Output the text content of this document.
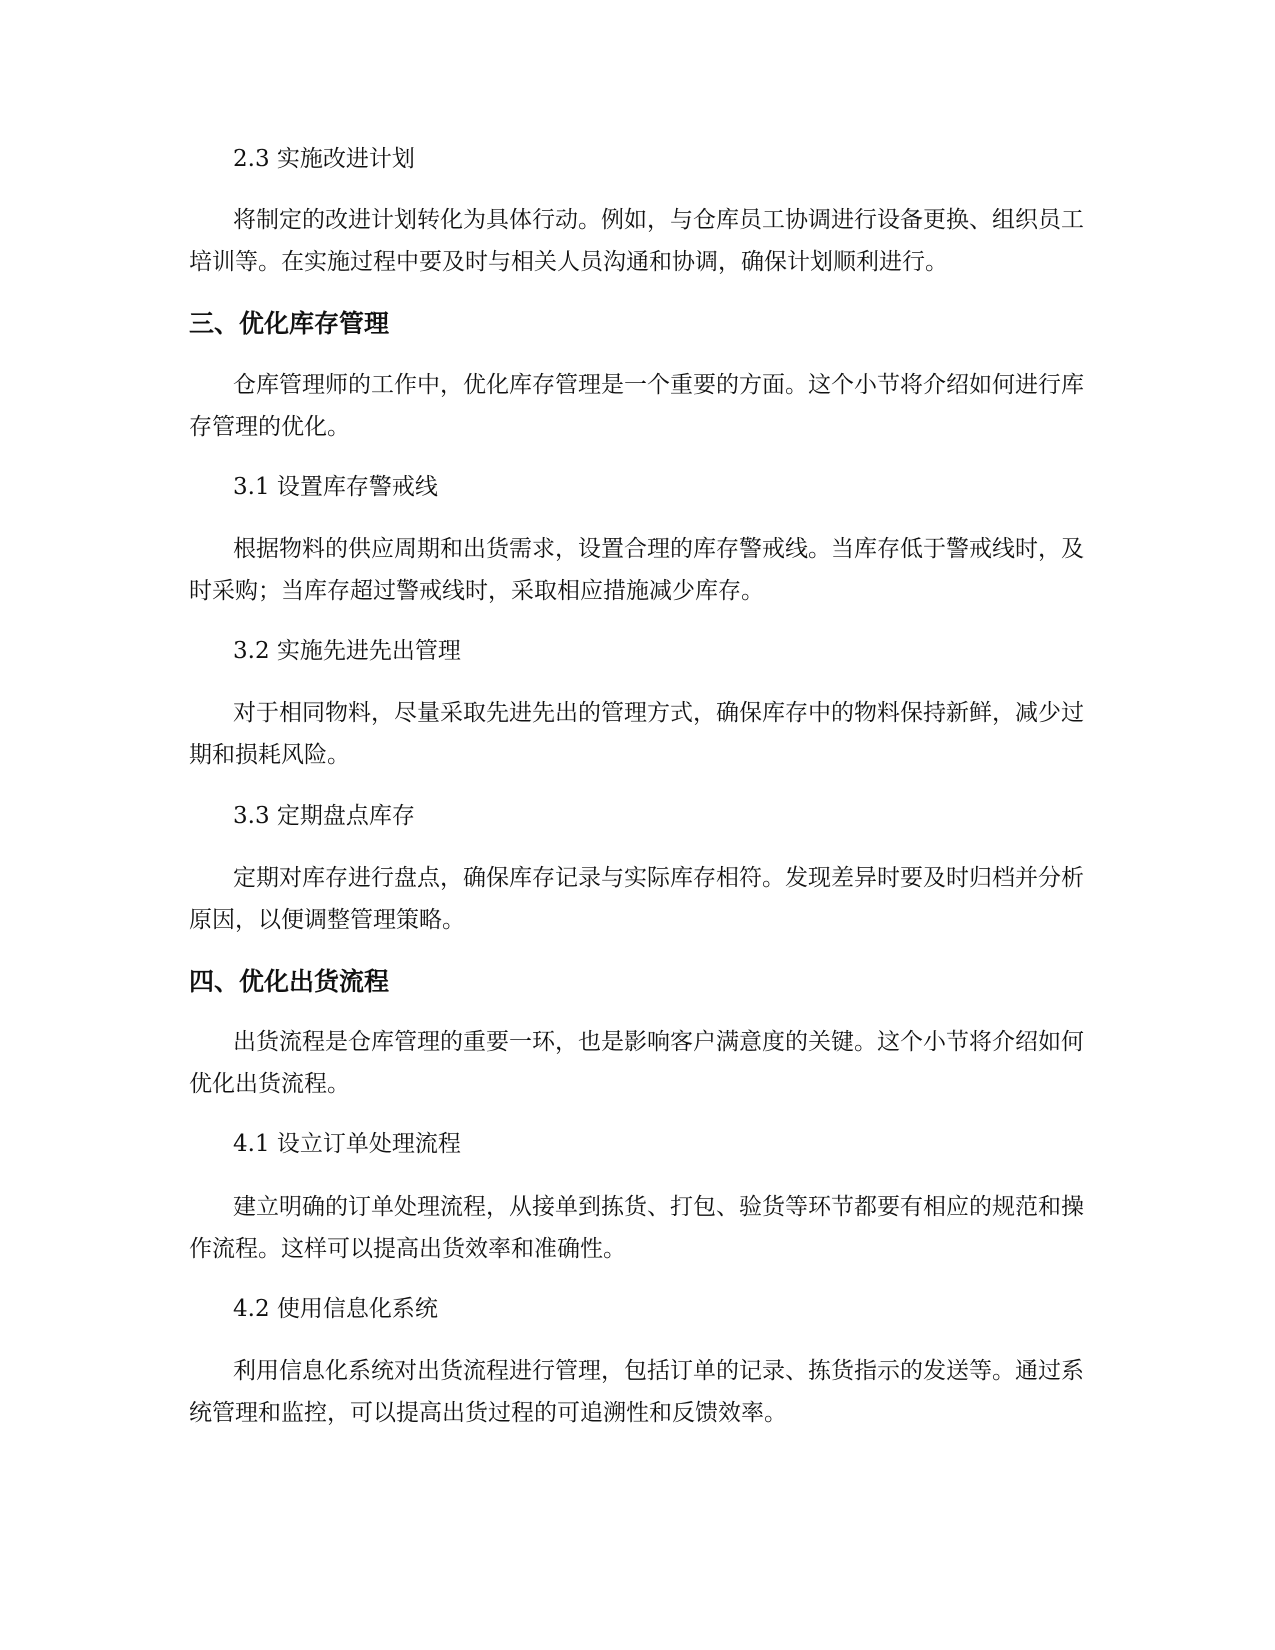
2.3 实施改进计划

将制定的改进计划转化为具体行动。例如，与仓库员工协调进行设备更换、组织员工培训等。在实施过程中要及时与相关人员沟通和协调，确保计划顺利进行。

三、优化库存管理

仓库管理师的工作中，优化库存管理是一个重要的方面。这个小节将介绍如何进行库存管理的优化。

3.1 设置库存警戒线

根据物料的供应周期和出货需求，设置合理的库存警戒线。当库存低于警戒线时，及时采购；当库存超过警戒线时，采取相应措施减少库存。

3.2 实施先进先出管理

对于相同物料，尽量采取先进先出的管理方式，确保库存中的物料保持新鲜，减少过期和损耗风险。

3.3 定期盘点库存

定期对库存进行盘点，确保库存记录与实际库存相符。发现差异时要及时归档并分析原因，以便调整管理策略。

四、优化出货流程

出货流程是仓库管理的重要一环，也是影响客户满意度的关键。这个小节将介绍如何优化出货流程。

4.1 设立订单处理流程

建立明确的订单处理流程，从接单到拣货、打包、验货等环节都要有相应的规范和操作流程。这样可以提高出货效率和准确性。

4.2 使用信息化系统

利用信息化系统对出货流程进行管理，包括订单的记录、拣货指示的发送等。通过系统管理和监控，可以提高出货过程的可追溯性和反馈效率。
